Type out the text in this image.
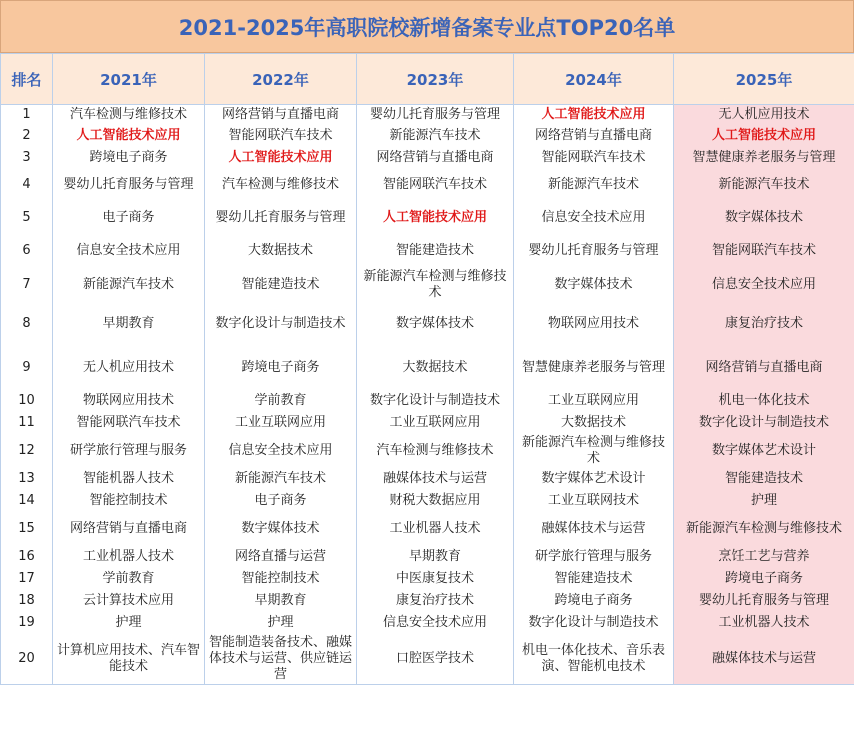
2021-2025年高职院校新增备案专业点TOP20名单
排名	2021年	2022年	2023年	2024年	2025年
1	汽车检测与维修技术	网络营销与直播电商	婴幼儿托育服务与管理	人工智能技术应用	无人机应用技术
2	人工智能技术应用	智能网联汽车技术	新能源汽车技术	网络营销与直播电商	人工智能技术应用
3	跨境电子商务	人工智能技术应用	网络营销与直播电商	智能网联汽车技术	智慧健康养老服务与管理
4	婴幼儿托育服务与管理	汽车检测与维修技术	智能网联汽车技术	新能源汽车技术	新能源汽车技术
5	电子商务	婴幼儿托育服务与管理	人工智能技术应用	信息安全技术应用	数字媒体技术
6	信息安全技术应用	大数据技术	智能建造技术	婴幼儿托育服务与管理	智能网联汽车技术
7	新能源汽车技术	智能建造技术	新能源汽车检测与维修技术	数字媒体技术	信息安全技术应用
8	早期教育	数字化设计与制造技术	数字媒体技术	物联网应用技术	康复治疗技术
9	无人机应用技术	跨境电子商务	大数据技术	智慧健康养老服务与管理	网络营销与直播电商
10	物联网应用技术	学前教育	数字化设计与制造技术	工业互联网应用	机电一体化技术
11	智能网联汽车技术	工业互联网应用	工业互联网应用	大数据技术	数字化设计与制造技术
12	研学旅行管理与服务	信息安全技术应用	汽车检测与维修技术	新能源汽车检测与维修技术	数字媒体艺术设计
13	智能机器人技术	新能源汽车技术	融媒体技术与运营	数字媒体艺术设计	智能建造技术
14	智能控制技术	电子商务	财税大数据应用	工业互联网技术	护理
15	网络营销与直播电商	数字媒体技术	工业机器人技术	融媒体技术与运营	新能源汽车检测与维修技术
16	工业机器人技术	网络直播与运营	早期教育	研学旅行管理与服务	烹饪工艺与营养
17	学前教育	智能控制技术	中医康复技术	智能建造技术	跨境电子商务
18	云计算技术应用	早期教育	康复治疗技术	跨境电子商务	婴幼儿托育服务与管理
19	护理	护理	信息安全技术应用	数字化设计与制造技术	工业机器人技术
20	计算机应用技术、汽车智能技术	智能制造装备技术、融媒体技术与运营、供应链运营	口腔医学技术	机电一体化技术、音乐表演、智能机电技术	融媒体技术与运营
